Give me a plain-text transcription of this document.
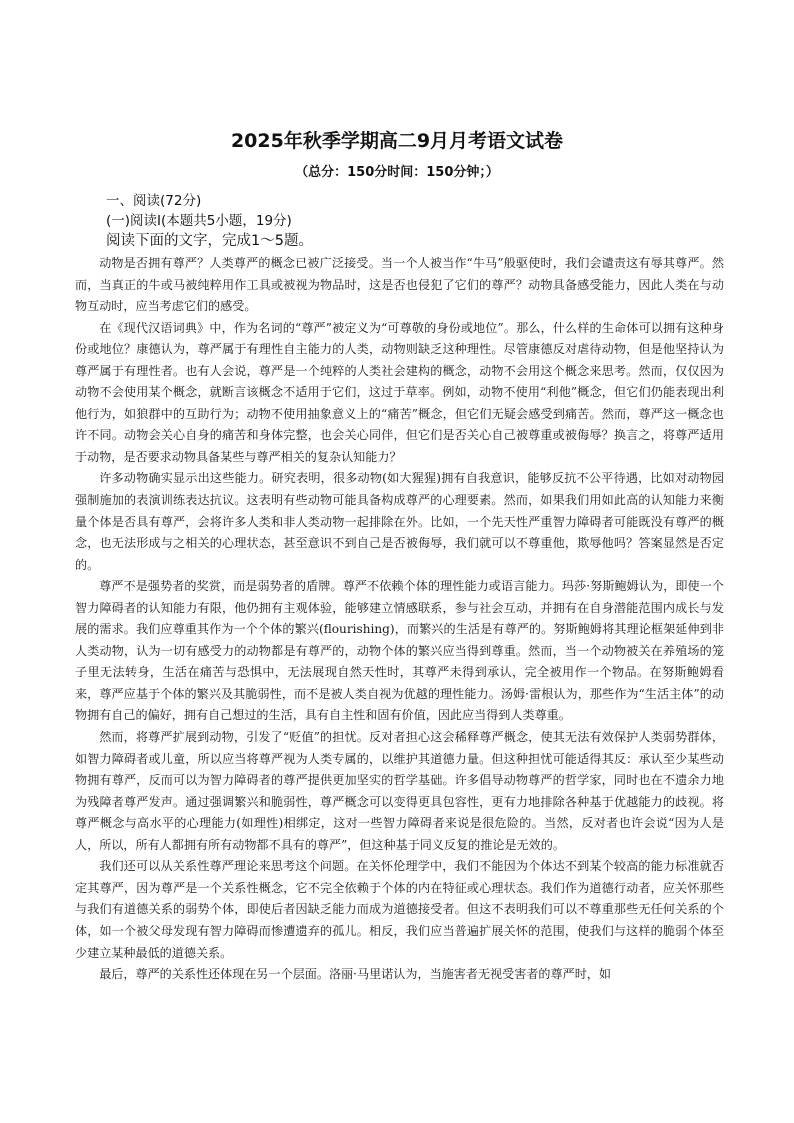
2025年秋季学期高二9月月考语文试卷
（总分：150分时间：150分钟；）
一、阅读(72分)
(一)阅读Ⅰ(本题共5小题，19分)
阅读下面的文字，完成1～5题。

动物是否拥有尊严？人类尊严的概念已被广泛接受。当一个人被当作“牛马”般驱使时，我们会谴责这有辱其尊严。然而，当真正的牛或马被纯粹用作工具或被视为物品时，这是否也侵犯了它们的尊严？动物具备感受能力，因此人类在与动物互动时，应当考虑它们的感受。

在《现代汉语词典》中，作为名词的“尊严”被定义为“可尊敬的身份或地位”。那么，什么样的生命体可以拥有这种身份或地位？康德认为，尊严属于有理性自主能力的人类，动物则缺乏这种理性。尽管康德反对虐待动物，但是他坚持认为尊严属于有理性者。也有人会说，尊严是一个纯粹的人类社会建构的概念，动物不会用这个概念来思考。然而，仅仅因为动物不会使用某个概念，就断言该概念不适用于它们，这过于草率。例如，动物不使用“利他”概念，但它们仍能表现出利他行为，如狼群中的互助行为；动物不使用抽象意义上的“痛苦”概念，但它们无疑会感受到痛苦。然而，尊严这一概念也许不同。动物会关心自身的痛苦和身体完整，也会关心同伴，但它们是否关心自己被尊重或被侮辱？换言之，将尊严适用于动物，是否要求动物具备某些与尊严相关的复杂认知能力？

许多动物确实显示出这些能力。研究表明，很多动物(如大猩猩)拥有自我意识，能够反抗不公平待遇，比如对动物园强制施加的表演训练表达抗议。这表明有些动物可能具备构成尊严的心理要素。然而，如果我们用如此高的认知能力来衡量个体是否具有尊严，会将许多人类和非人类动物一起排除在外。比如，一个先天性严重智力障碍者可能既没有尊严的概念，也无法形成与之相关的心理状态，甚至意识不到自己是否被侮辱，我们就可以不尊重他，欺辱他吗？答案显然是否定的。

尊严不是强势者的奖赏，而是弱势者的盾牌。尊严不依赖个体的理性能力或语言能力。玛莎·努斯鲍姆认为，即使一个智力障碍者的认知能力有限，他仍拥有主观体验，能够建立情感联系，参与社会互动，并拥有在自身潜能范围内成长与发展的需求。我们应尊重其作为一个个体的繁兴(flourishing)，而繁兴的生活是有尊严的。努斯鲍姆将其理论框架延伸到非人类动物，认为一切有感受力的动物都是有尊严的，动物个体的繁兴应当得到尊重。然而，当一个动物被关在养殖场的笼子里无法转身，生活在痛苦与恐惧中，无法展现自然天性时，其尊严未得到承认，完全被用作一个物品。在努斯鲍姆看来，尊严应基于个体的繁兴及其脆弱性，而不是被人类自视为优越的理性能力。汤姆·雷根认为，那些作为“生活主体”的动物拥有自己的偏好，拥有自己想过的生活，具有自主性和固有价值，因此应当得到人类尊重。

然而，将尊严扩展到动物，引发了“贬值”的担忧。反对者担心这会稀释尊严概念，使其无法有效保护人类弱势群体，如智力障碍者或儿童，所以应当将尊严视为人类专属的，以维护其道德力量。但这种担忧可能适得其反：承认至少某些动物拥有尊严，反而可以为智力障碍者的尊严提供更加坚实的哲学基础。许多倡导动物尊严的哲学家，同时也在不遗余力地为残障者尊严发声。通过强调繁兴和脆弱性，尊严概念可以变得更具包容性，更有力地排除各种基于优越能力的歧视。将尊严概念与高水平的心理能力(如理性)相绑定，这对一些智力障碍者来说是很危险的。当然，反对者也许会说“因为人是人，所以，所有人都拥有所有动物都不具有的尊严”，但这种基于同义反复的推论是无效的。

我们还可以从关系性尊严理论来思考这个问题。在关怀伦理学中，我们不能因为个体达不到某个较高的能力标准就否定其尊严，因为尊严是一个关系性概念，它不完全依赖于个体的内在特征或心理状态。我们作为道德行动者，应关怀那些与我们有道德关系的弱势个体，即使后者因缺乏能力而成为道德接受者。但这不表明我们可以不尊重那些无任何关系的个体，如一个被父母发现有智力障碍而惨遭遗弃的孤儿。相反，我们应当普遍扩展关怀的范围，使我们与这样的脆弱个体至少建立某种最低的道德关系。

最后，尊严的关系性还体现在另一个层面。洛丽·马里诺认为，当施害者无视受害者的尊严时，如
